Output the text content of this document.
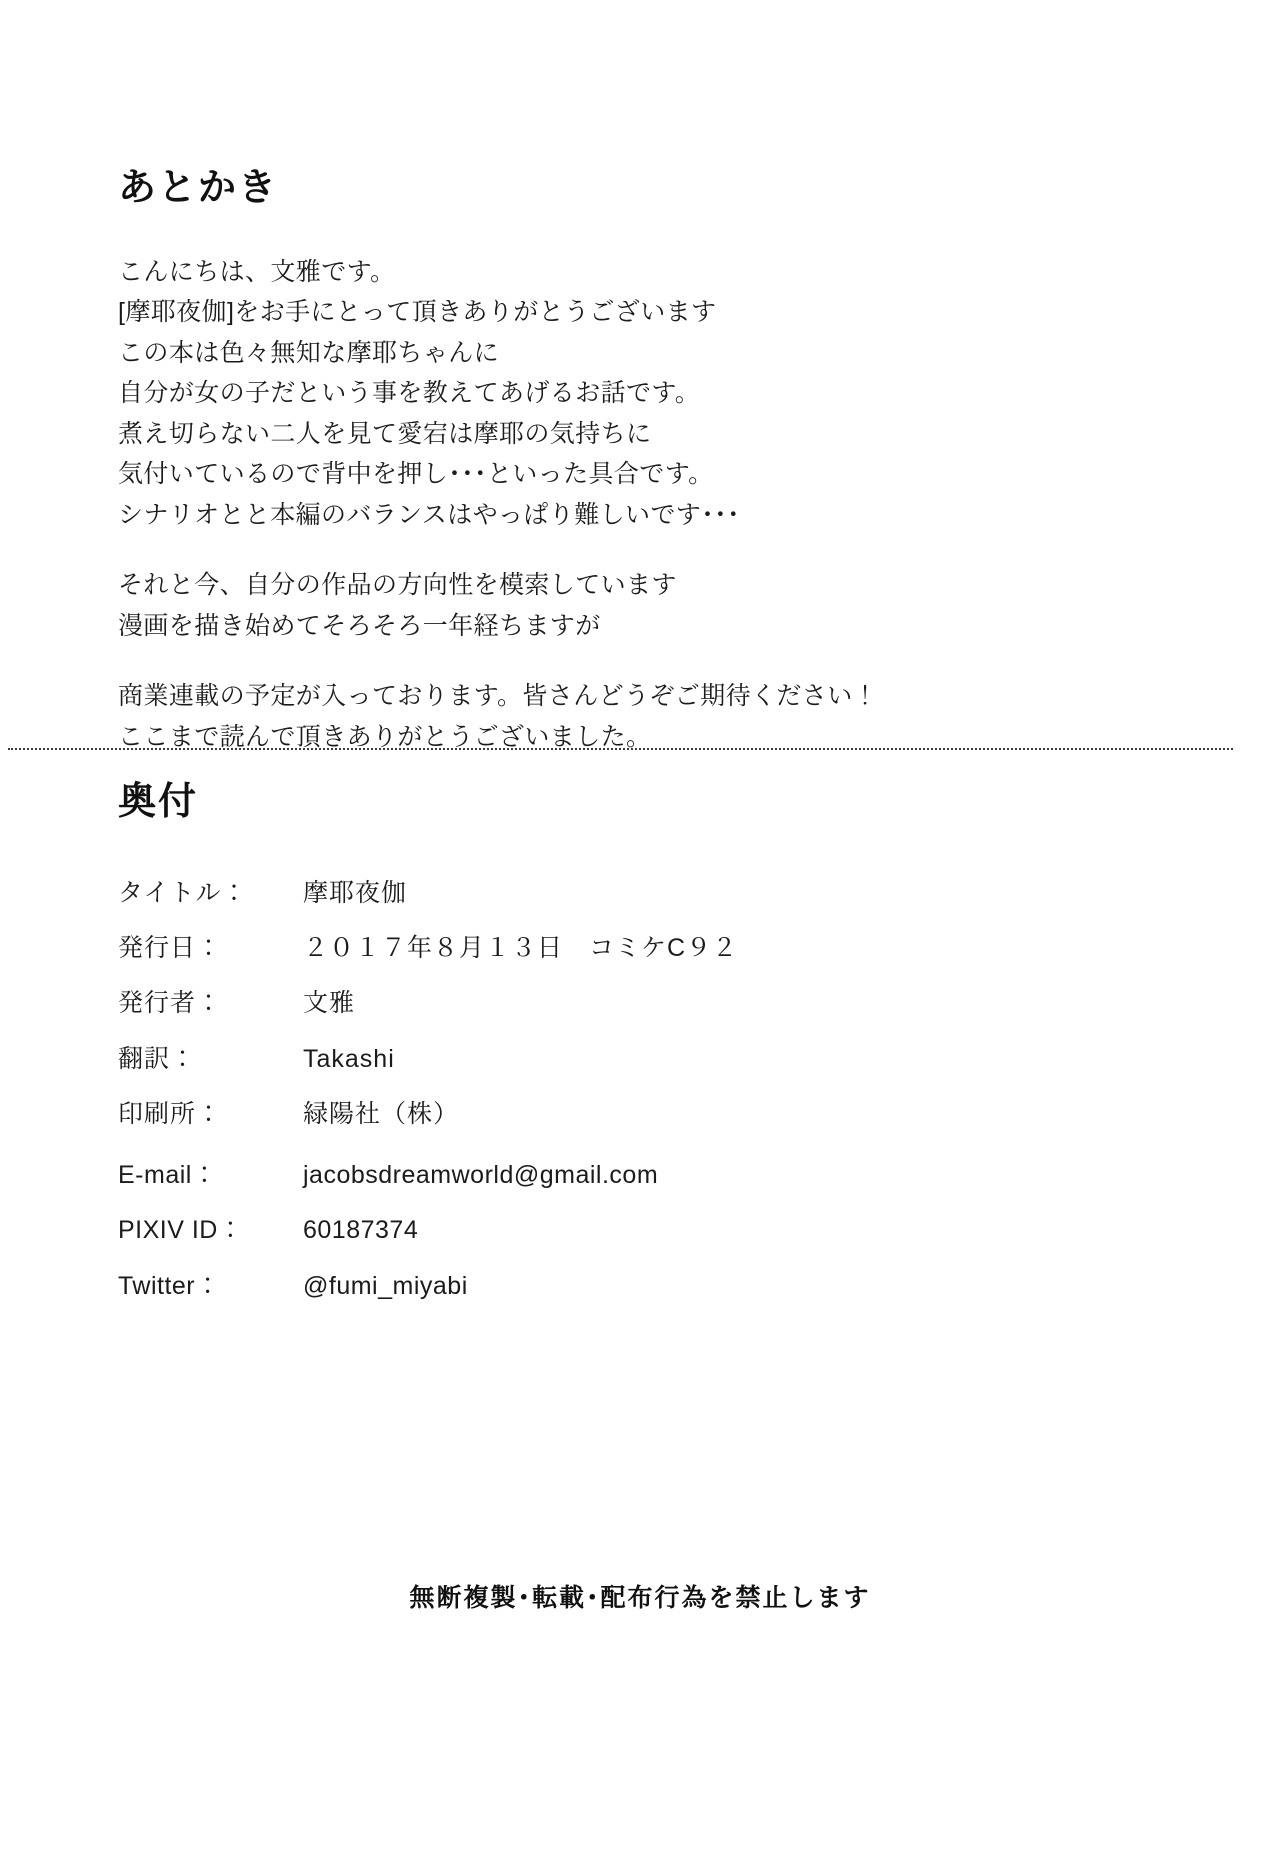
あとかき

こんにちは、文雅です。
[摩耶夜伽]をお手にとって頂きありがとうございます
この本は色々無知な摩耶ちゃんに
自分が女の子だという事を教えてあげるお話です。
煮え切らない二人を見て愛宕は摩耶の気持ちに
気付いているので背中を押し･･･といった具合です。
シナリオとと本編のバランスはやっぱり難しいです･･･

それと今、自分の作品の方向性を模索しています
漫画を描き始めてそろそろ一年経ちますが

商業連載の予定が入っております。皆さんどうぞご期待ください！
ここまで読んで頂きありがとうございました。

奥付
タイトル：	摩耶夜伽
発行日：	２０１７年８月１３日　コミケC９２
発行者：	文雅
翻訳：	Takashi
印刷所：	緑陽社（株）
E-mail：	jacobsdreamworld@gmail.com
PIXIV ID：	60187374
Twitter：	@fumi_miyabi
無断複製･転載･配布行為を禁止します
